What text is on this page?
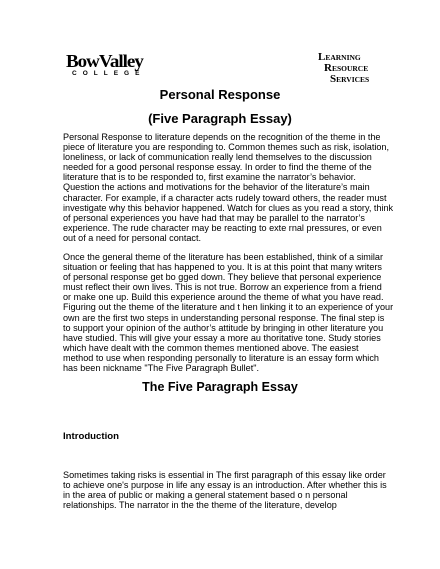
BowValley
COLLEGE
LEARNING
RESOURCE
SERVICES
Personal Response
(Five Paragraph Essay)

Personal Response to literature depends on the recognition of the theme in the
piece of literature you are responding to. Common themes such as risk, isolation,
loneliness, or lack of communication really lend themselves to the discussion
needed for a good personal response essay. In order to find the theme of the
literature that is to be responded to, first examine the narrator’s behavior.
Question the actions and motivations for the behavior of the literature’s main
character. For example, if a character acts rudely toward others, the reader must
investigate why this behavior happened. Watch for clues as you read a story, think
of personal experiences you have had that may be parallel to the narrator’s
experience. The rude character may be reacting to exte rnal pressures, or even
out of a need for personal contact.

Once the general theme of the literature has been established, think of a similar
situation or feeling that has happened to you. It is at this point that many writers
of personal response get bo gged down. They believe that personal experience
must reflect their own lives. This is not true. Borrow an experience from a friend
or make one up. Build this experience around the theme of what you have read.
Figuring out the theme of the literature and t hen linking it to an experience of your
own are the first two steps in understanding personal response. The final step is
to support your opinion of the author’s attitude by bringing in other literature you
have studied. This will give your essay a more au thoritative tone. Study stories
which have dealt with the common themes mentioned above. The easiest
method to use when responding personally to literature is an essay form which
has been nickname "The Five Paragraph Bullet".

The Five Paragraph Essay
Introduction

Sometimes taking risks is essential in The first paragraph of this essay like order
to achieve one's purpose in life any essay is an introduction. After whether this is
in the area of public or making a general statement based o n personal
relationships. The narrator in the the theme of the literature, develop
